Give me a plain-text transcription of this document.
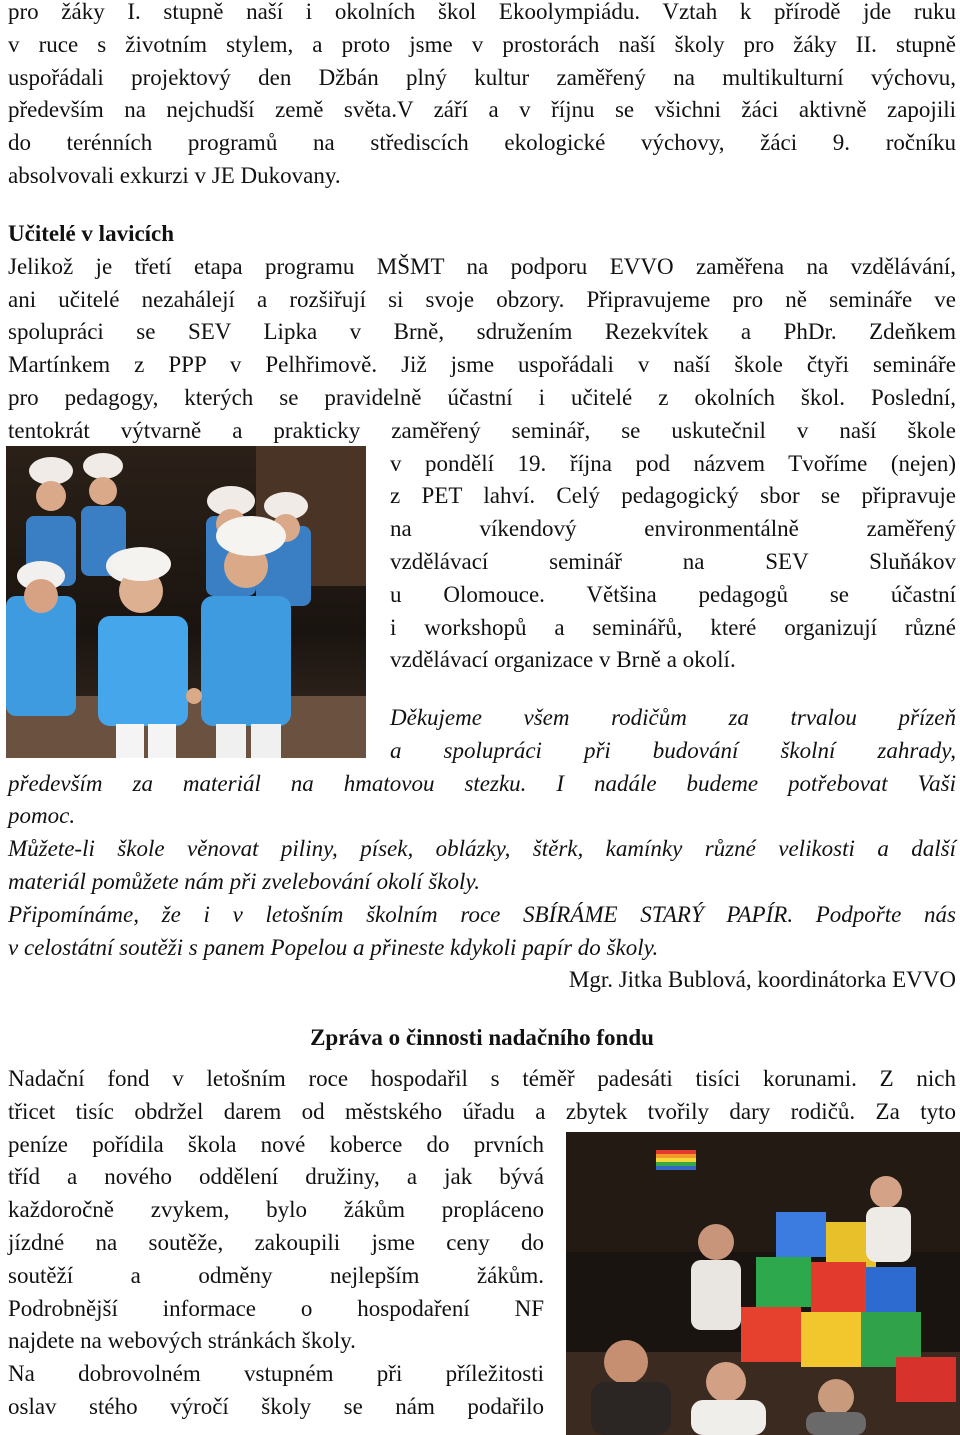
pro žáky I. stupně naší i okolních škol Ekoolympiádu. Vztah k přírodě jde ruku
v ruce s životním stylem, a proto jsme v prostorách naší školy pro žáky II. stupně
uspořádali projektový den Džbán plný kultur zaměřený na multikulturní výchovu,
především na nejchudší země světa.V září a v říjnu se všichni žáci aktivně zapojili
do terénních programů na střediscích ekologické výchovy, žáci 9. ročníku
absolvovali exkurzi v JE Dukovany.
Učitelé v lavicích
Jelikož je třetí etapa programu MŠMT na podporu EVVO zaměřena na vzdělávání,
ani učitelé nezahálejí a rozšiřují si svoje obzory. Připravujeme pro ně semináře ve
spolupráci se SEV Lipka v Brně, sdružením Rezekvítek a PhDr. Zdeňkem
Martínkem z PPP v Pelhřimově. Již jsme uspořádali v naší škole čtyři semináře
pro pedagogy, kterých se pravidelně účastní i učitelé z okolních škol. Poslední,
tentokrát výtvarně a prakticky zaměřený seminář, se uskutečnil v naší škole
v pondělí 19. října pod názvem Tvoříme (nejen)
z PET lahví. Celý pedagogický sbor se připravuje
na víkendový environmentálně zaměřený
vzdělávací seminář na SEV Sluňákov
u Olomouce. Většina pedagogů se účastní
i workshopů a seminářů, které organizují různé
vzdělávací organizace v Brně a okolí.
Děkujeme všem rodičům za trvalou přízeň
a spolupráci při budování školní zahrady,
především za materiál na hmatovou stezku. I nadále budeme potřebovat Vaši
pomoc.
Můžete-li škole věnovat piliny, písek, oblázky, štěrk, kamínky různé velikosti a další
materiál pomůžete nám při zvelebování okolí školy.
Připomínáme, že i v letošním školním roce SBÍRÁME STARÝ PAPÍR. Podpořte nás
v celostátní soutěži s panem Popelou a přineste kdykoli papír do školy.
Mgr. Jitka Bublová, koordinátorka EVVO
Zpráva o činnosti nadačního fondu
Nadační fond v letošním roce hospodařil s téměř padesáti tisíci korunami. Z nich
třicet tisíc obdržel darem od městského úřadu a zbytek tvořily dary rodičů. Za tyto
peníze pořídila škola nové koberce do prvních
tříd a nového oddělení družiny, a jak bývá
každoročně zvykem, bylo žákům propláceno
jízdné na soutěže, zakoupili jsme ceny do
soutěží a odměny nejlepším žákům.
Podrobnější informace o hospodaření NF
najdete na webových stránkách školy.
Na dobrovolném vstupném při příležitosti
oslav stého výročí školy se nám podařilo
